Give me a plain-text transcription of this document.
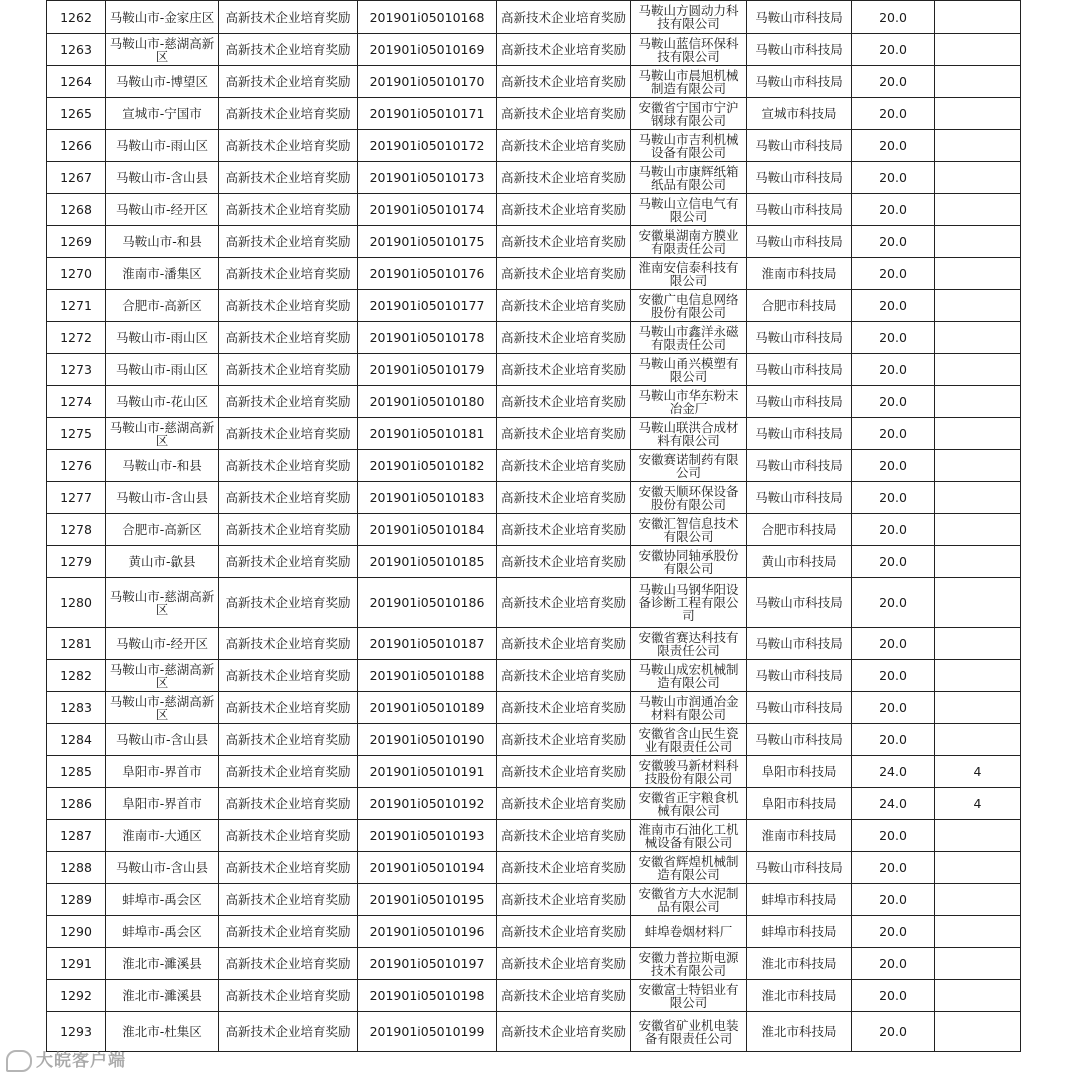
1262	马鞍山市-金家庄区	高新技术企业培育奖励	201901i05010168	高新技术企业培育奖励	马鞍山方圆动力科技有限公司	马鞍山市科技局	20.0	
1263	马鞍山市-慈湖高新区	高新技术企业培育奖励	201901i05010169	高新技术企业培育奖励	马鞍山蓝信环保科技有限公司	马鞍山市科技局	20.0	
1264	马鞍山市-博望区	高新技术企业培育奖励	201901i05010170	高新技术企业培育奖励	马鞍山市晨旭机械制造有限公司	马鞍山市科技局	20.0	
1265	宣城市-宁国市	高新技术企业培育奖励	201901i05010171	高新技术企业培育奖励	安徽省宁国市宁沪钢球有限公司	宣城市科技局	20.0	
1266	马鞍山市-雨山区	高新技术企业培育奖励	201901i05010172	高新技术企业培育奖励	马鞍山市吉利机械设备有限公司	马鞍山市科技局	20.0	
1267	马鞍山市-含山县	高新技术企业培育奖励	201901i05010173	高新技术企业培育奖励	马鞍山市康辉纸箱纸品有限公司	马鞍山市科技局	20.0	
1268	马鞍山市-经开区	高新技术企业培育奖励	201901i05010174	高新技术企业培育奖励	马鞍山立信电气有限公司	马鞍山市科技局	20.0	
1269	马鞍山市-和县	高新技术企业培育奖励	201901i05010175	高新技术企业培育奖励	安徽巢湖南方膜业有限责任公司	马鞍山市科技局	20.0	
1270	淮南市-潘集区	高新技术企业培育奖励	201901i05010176	高新技术企业培育奖励	淮南安信泰科技有限公司	淮南市科技局	20.0	
1271	合肥市-高新区	高新技术企业培育奖励	201901i05010177	高新技术企业培育奖励	安徽广电信息网络股份有限公司	合肥市科技局	20.0	
1272	马鞍山市-雨山区	高新技术企业培育奖励	201901i05010178	高新技术企业培育奖励	马鞍山市鑫洋永磁有限责任公司	马鞍山市科技局	20.0	
1273	马鞍山市-雨山区	高新技术企业培育奖励	201901i05010179	高新技术企业培育奖励	马鞍山甬兴模塑有限公司	马鞍山市科技局	20.0	
1274	马鞍山市-花山区	高新技术企业培育奖励	201901i05010180	高新技术企业培育奖励	马鞍山市华东粉末冶金厂	马鞍山市科技局	20.0	
1275	马鞍山市-慈湖高新区	高新技术企业培育奖励	201901i05010181	高新技术企业培育奖励	马鞍山联洪合成材料有限公司	马鞍山市科技局	20.0	
1276	马鞍山市-和县	高新技术企业培育奖励	201901i05010182	高新技术企业培育奖励	安徽赛诺制药有限公司	马鞍山市科技局	20.0	
1277	马鞍山市-含山县	高新技术企业培育奖励	201901i05010183	高新技术企业培育奖励	安徽天顺环保设备股份有限公司	马鞍山市科技局	20.0	
1278	合肥市-高新区	高新技术企业培育奖励	201901i05010184	高新技术企业培育奖励	安徽汇智信息技术有限公司	合肥市科技局	20.0	
1279	黄山市-歙县	高新技术企业培育奖励	201901i05010185	高新技术企业培育奖励	安徽协同轴承股份有限公司	黄山市科技局	20.0	
1280	马鞍山市-慈湖高新区	高新技术企业培育奖励	201901i05010186	高新技术企业培育奖励	马鞍山马钢华阳设备诊断工程有限公司	马鞍山市科技局	20.0	
1281	马鞍山市-经开区	高新技术企业培育奖励	201901i05010187	高新技术企业培育奖励	安徽省赛达科技有限责任公司	马鞍山市科技局	20.0	
1282	马鞍山市-慈湖高新区	高新技术企业培育奖励	201901i05010188	高新技术企业培育奖励	马鞍山成宏机械制造有限公司	马鞍山市科技局	20.0	
1283	马鞍山市-慈湖高新区	高新技术企业培育奖励	201901i05010189	高新技术企业培育奖励	马鞍山市润通冶金材料有限公司	马鞍山市科技局	20.0	
1284	马鞍山市-含山县	高新技术企业培育奖励	201901i05010190	高新技术企业培育奖励	安徽省含山民生瓷业有限责任公司	马鞍山市科技局	20.0	
1285	阜阳市-界首市	高新技术企业培育奖励	201901i05010191	高新技术企业培育奖励	安徽骏马新材料科技股份有限公司	阜阳市科技局	24.0	4
1286	阜阳市-界首市	高新技术企业培育奖励	201901i05010192	高新技术企业培育奖励	安徽省正宇粮食机械有限公司	阜阳市科技局	24.0	4
1287	淮南市-大通区	高新技术企业培育奖励	201901i05010193	高新技术企业培育奖励	淮南市石油化工机械设备有限公司	淮南市科技局	20.0	
1288	马鞍山市-含山县	高新技术企业培育奖励	201901i05010194	高新技术企业培育奖励	安徽省辉煌机械制造有限公司	马鞍山市科技局	20.0	
1289	蚌埠市-禹会区	高新技术企业培育奖励	201901i05010195	高新技术企业培育奖励	安徽省方大水泥制品有限公司	蚌埠市科技局	20.0	
1290	蚌埠市-禹会区	高新技术企业培育奖励	201901i05010196	高新技术企业培育奖励	蚌埠卷烟材料厂	蚌埠市科技局	20.0	
1291	淮北市-濉溪县	高新技术企业培育奖励	201901i05010197	高新技术企业培育奖励	安徽力普拉斯电源技术有限公司	淮北市科技局	20.0	
1292	淮北市-濉溪县	高新技术企业培育奖励	201901i05010198	高新技术企业培育奖励	安徽富士特铝业有限公司	淮北市科技局	20.0	
1293	淮北市-杜集区	高新技术企业培育奖励	201901i05010199	高新技术企业培育奖励	安徽省矿业机电装备有限责任公司	淮北市科技局	20.0	
大皖客户端
